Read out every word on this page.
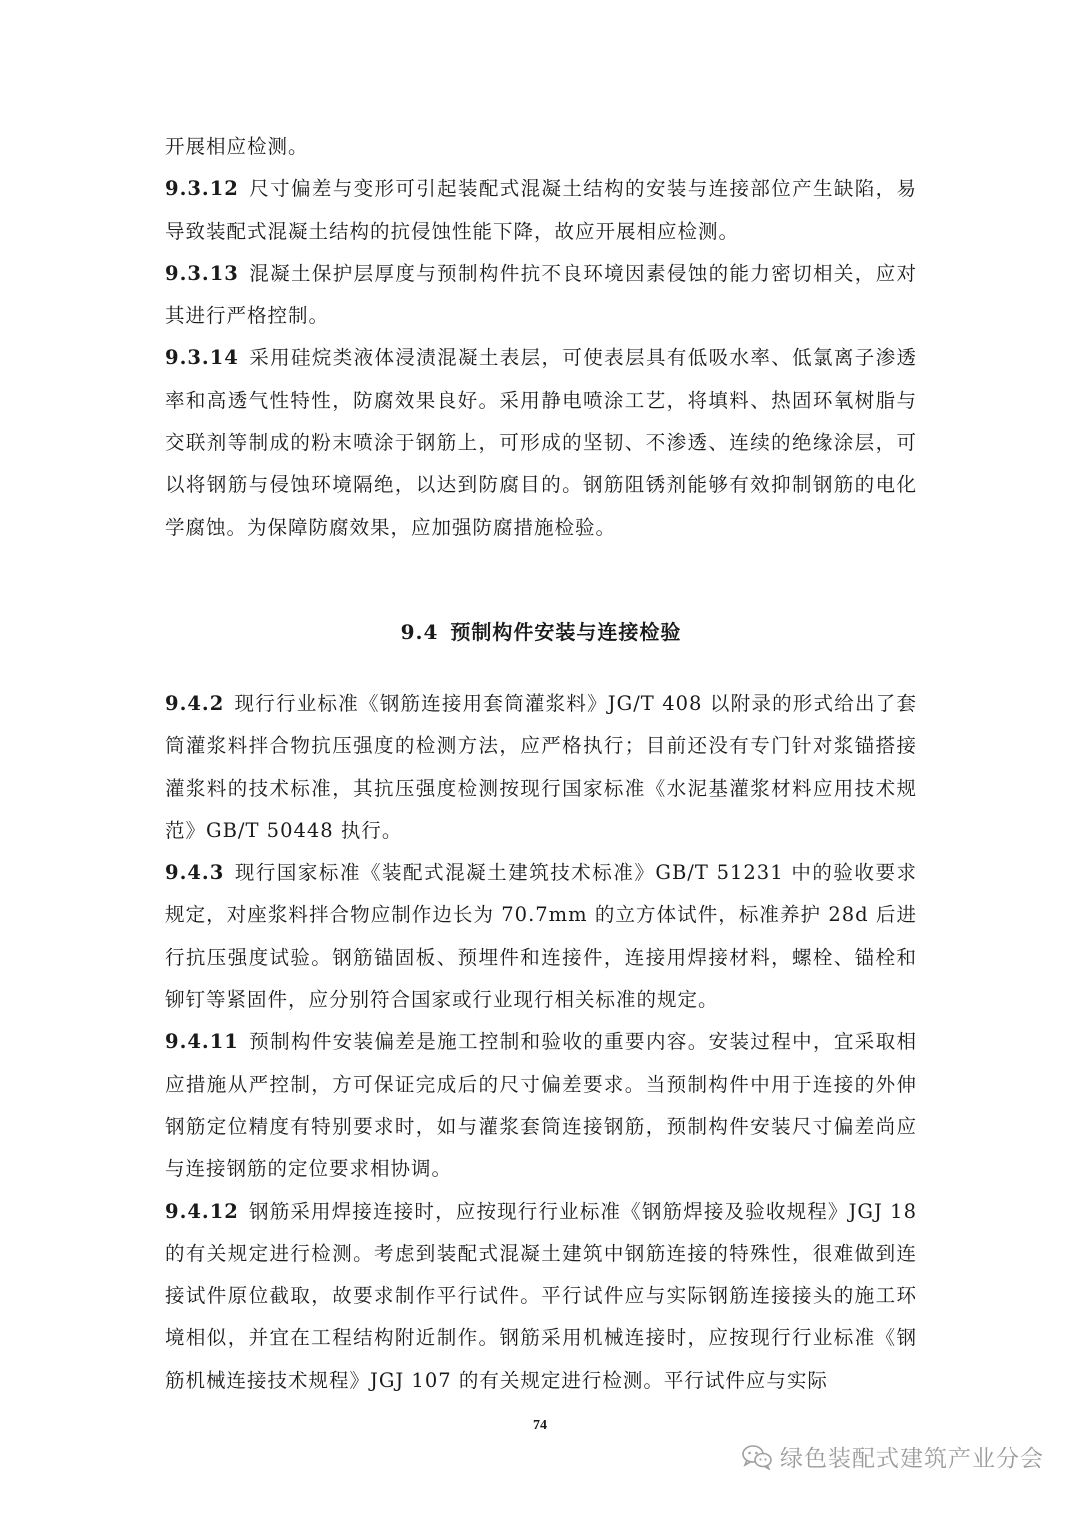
开展相应检测。

9.3.12 尺寸偏差与变形可引起装配式混凝土结构的安装与连接部位产生缺陷，易导致装配式混凝土结构的抗侵蚀性能下降，故应开展相应检测。

9.3.13 混凝土保护层厚度与预制构件抗不良环境因素侵蚀的能力密切相关，应对其进行严格控制。

9.3.14 采用硅烷类液体浸渍混凝土表层，可使表层具有低吸水率、低氯离子渗透率和高透气性特性，防腐效果良好。采用静电喷涂工艺，将填料、热固环氧树脂与交联剂等制成的粉末喷涂于钢筋上，可形成的坚韧、不渗透、连续的绝缘涂层，可以将钢筋与侵蚀环境隔绝，以达到防腐目的。钢筋阻锈剂能够有效抑制钢筋的电化学腐蚀。为保障防腐效果，应加强防腐措施检验。

9.4 预制构件安装与连接检验

9.4.2 现行行业标准《钢筋连接用套筒灌浆料》JG/T 408 以附录的形式给出了套筒灌浆料拌合物抗压强度的检测方法，应严格执行；目前还没有专门针对浆锚搭接灌浆料的技术标准，其抗压强度检测按现行国家标准《水泥基灌浆材料应用技术规范》GB/T 50448 执行。

9.4.3 现行国家标准《装配式混凝土建筑技术标准》GB/T 51231 中的验收要求规定，对座浆料拌合物应制作边长为 70.7mm 的立方体试件，标准养护 28d 后进行抗压强度试验。钢筋锚固板、预埋件和连接件，连接用焊接材料，螺栓、锚栓和铆钉等紧固件，应分别符合国家或行业现行相关标准的规定。

9.4.11 预制构件安装偏差是施工控制和验收的重要内容。安装过程中，宜采取相应措施从严控制，方可保证完成后的尺寸偏差要求。当预制构件中用于连接的外伸钢筋定位精度有特别要求时，如与灌浆套筒连接钢筋，预制构件安装尺寸偏差尚应与连接钢筋的定位要求相协调。

9.4.12 钢筋采用焊接连接时，应按现行行业标准《钢筋焊接及验收规程》JGJ 18 的有关规定进行检测。考虑到装配式混凝土建筑中钢筋连接的特殊性，很难做到连接试件原位截取，故要求制作平行试件。平行试件应与实际钢筋连接接头的施工环境相似，并宜在工程结构附近制作。钢筋采用机械连接时，应按现行行业标准《钢筋机械连接技术规程》JGJ 107 的有关规定进行检测。平行试件应与实际

74
绿色装配式建筑产业分会
